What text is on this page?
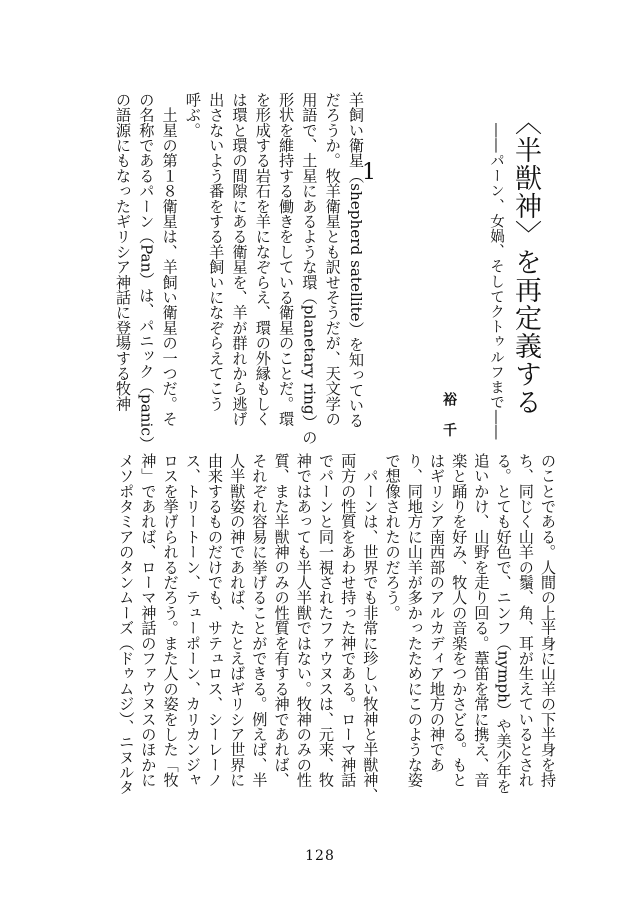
〈半獣神〉を再定義する
――パーン、女媧、そしてクトゥルフまで――
裕 千
1
128
羊飼い衛星（shepherd satellite）を知っている
だろうか。牧羊衛星とも訳せそうだが、天文学の
用語で、土星にあるような環（planetary ring）の
形状を維持する働きをしている衛星のことだ。環
を形成する岩石を羊になぞらえ、環の外縁もしく
は環と環の間隙にある衛星を、羊が群れから逃げ
出さないよう番をする羊飼いになぞらえてこう
呼ぶ。
　土星の第１８衛星は、羊飼い衛星の一つだ。そ
の名称であるパーン（Pan）は、パニック（panic）
の語源にもなったギリシア神話に登場する牧神
のことである。人間の上半身に山羊の下半身を持
ち、同じく山羊の鬚、角、耳が生えているとされ
る。とても好色で、ニンフ（nymph）や美少年を
追いかけ、山野を走り回る。葦笛を常に携え、音
楽と踊りを好み、牧人の音楽をつかさどる。もと
はギリシア南西部のアルカディア地方の神であ
り、同地方に山羊が多かったためにこのような姿
で想像されたのだろう。
　パーンは、世界でも非常に珍しい牧神と半獣神、
両方の性質をあわせ持った神である。ローマ神話
でパーンと同一視されたファウヌスは、元来、牧
神ではあっても半人半獣ではない。牧神のみの性
質、また半獣神のみの性質を有する神であれば、
それぞれ容易に挙げることができる。例えば、半
人半獣姿の神であれば、たとえばギリシア世界に
由来するものだけでも、サテュロス、シーレーノ
ス、トリートーン、テューポーン、カリカンジャ
ロスを挙げられるだろう。また人の姿をした「牧
神」であれば、ローマ神話のファウヌスのほかに
メソポタミアのタンムーズ（ドゥムジ）、ニヌルタ
